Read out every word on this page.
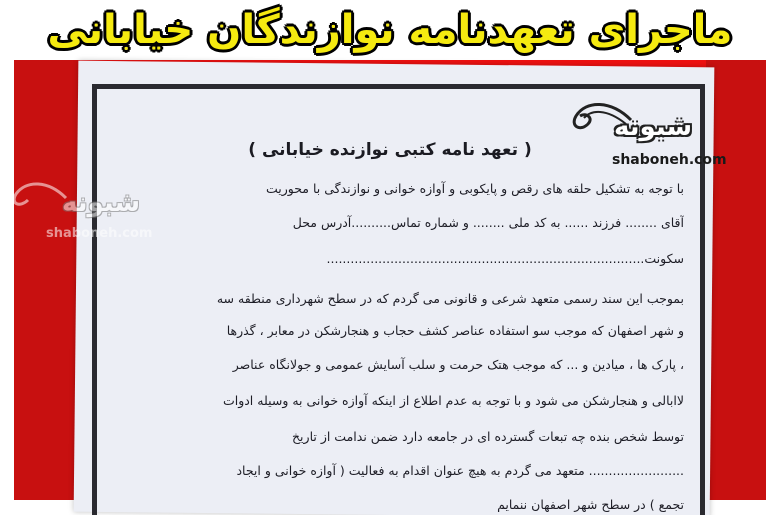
ماجرای تعهدنامه نوازندگان خیابانی
( تعهد نامه کتبی نوازنده خیابانی )
با توجه به تشکیل حلقه های رقص و پایکوبی و آوازه خوانی و نوازندگی با محوریت
آقای ........ فرزند ...... به کد ملی ........ و شماره تماس..........آدرس محل
سکونت................................................................................
بموجب این سند رسمی متعهد شرعی و قانونی می گردم که در سطح شهرداری منطقه سه
و شهر اصفهان که موجب سو استفاده عناصر کشف حجاب و هنجارشکن در معابر ، گذرها
، پارک ها ، میادین و ... که موجب هتک حرمت و سلب آسایش عمومی و جولانگاه عناصر
لاابالی و هنجارشکن می شود و با توجه به عدم اطلاع از اینکه آوازه خوانی به وسیله ادوات
توسط شخص بنده چه تبعات گسترده ای در جامعه دارد ضمن ندامت از تاریخ
........................ متعهد می گردم به هیچ عنوان اقدام به فعالیت ( آوازه خوانی و ایجاد
تجمع ) در سطح شهر اصفهان ننمایم
شبونه
shaboneh.com
شبونه
shaboneh.com
